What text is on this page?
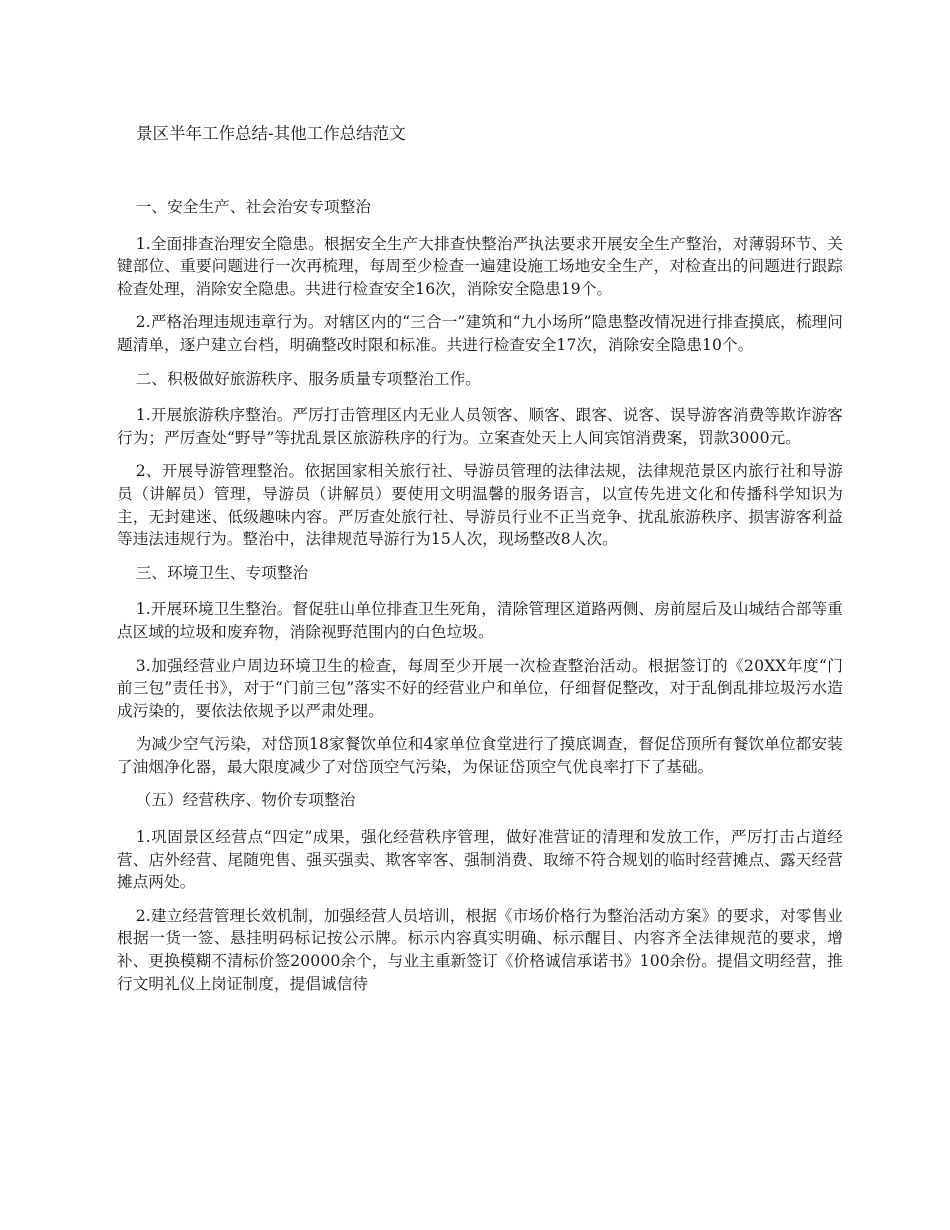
景区半年工作总结-其他工作总结范文

一、安全生产、社会治安专项整治

1.全面排查治理安全隐患。根据安全生产大排查快整治严执法要求开展安全生产整治，对薄弱环节、关键部位、重要问题进行一次再梳理，每周至少检查一遍建设施工场地安全生产，对检查出的问题进行跟踪检查处理，消除安全隐患。共进行检查安全16次，消除安全隐患19个。

2.严格治理违规违章行为。对辖区内的“三合一”建筑和“九小场所”隐患整改情况进行排查摸底，梳理问题清单，逐户建立台档，明确整改时限和标准。共进行检查安全17次，消除安全隐患10个。

二、积极做好旅游秩序、服务质量专项整治工作。

1.开展旅游秩序整治。严厉打击管理区内无业人员领客、顺客、跟客、说客、误导游客消费等欺诈游客行为；严厉查处“野导”等扰乱景区旅游秩序的行为。立案查处天上人间宾馆消费案，罚款3000元。

2、开展导游管理整治。依据国家相关旅行社、导游员管理的法律法规，法律规范景区内旅行社和导游员（讲解员）管理，导游员（讲解员）要使用文明温馨的服务语言，以宣传先进文化和传播科学知识为主，无封建迷、低级趣味内容。严厉查处旅行社、导游员行业不正当竞争、扰乱旅游秩序、损害游客利益等违法违规行为。整治中，法律规范导游行为15人次，现场整改8人次。

三、环境卫生、专项整治

1.开展环境卫生整治。督促驻山单位排查卫生死角，清除管理区道路两侧、房前屋后及山城结合部等重点区域的垃圾和废弃物，消除视野范围内的白色垃圾。

3.加强经营业户周边环境卫生的检查，每周至少开展一次检查整治活动。根据签订的《20XX年度“门前三包”责任书》，对于“门前三包”落实不好的经营业户和单位，仔细督促整改，对于乱倒乱排垃圾污水造成污染的，要依法依规予以严肃处理。

为减少空气污染，对岱顶18家餐饮单位和4家单位食堂进行了摸底调查，督促岱顶所有餐饮单位都安装了油烟净化器，最大限度减少了对岱顶空气污染，为保证岱顶空气优良率打下了基础。

（五）经营秩序、物价专项整治

1.巩固景区经营点“四定”成果，强化经营秩序管理，做好准营证的清理和发放工作，严厉打击占道经营、店外经营、尾随兜售、强买强卖、欺客宰客、强制消费、取缔不符合规划的临时经营摊点、露天经营摊点两处。

2.建立经营管理长效机制，加强经营人员培训，根据《市场价格行为整治活动方案》的要求，对零售业根据一货一签、悬挂明码标记按公示牌。标示内容真实明确、标示醒目、内容齐全法律规范的要求，增补、更换模糊不清标价签20000余个，与业主重新签订《价格诚信承诺书》100余份。提倡文明经营，推行文明礼仪上岗证制度，提倡诚信待
